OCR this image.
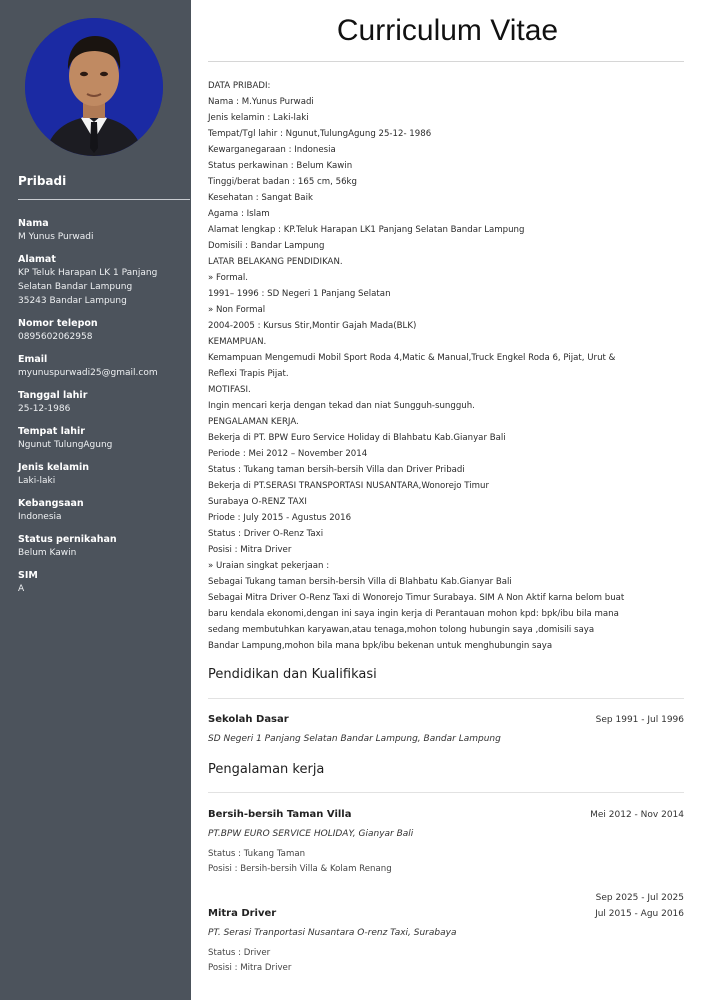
Pribadi
Nama
M Yunus Purwadi
Alamat
KP Teluk Harapan LK 1 Panjang
Selatan Bandar Lampung
35243 Bandar Lampung
Nomor telepon
0895602062958
Email
myunuspurwadi25@gmail.com
Tanggal lahir
25-12-1986
Tempat lahir
Ngunut TulungAgung
Jenis kelamin
Laki-laki
Kebangsaan
Indonesia
Status pernikahan
Belum Kawin
SIM
A
Curriculum Vitae
DATA PRIBADI:
Nama : M.Yunus Purwadi
Jenis kelamin : Laki-laki
Tempat/Tgl lahir : Ngunut,TulungAgung 25-12- 1986
Kewarganegaraan : Indonesia
Status perkawinan : Belum Kawin
Tinggi/berat badan : 165 cm, 56kg
Kesehatan : Sangat Baik
Agama : Islam
Alamat lengkap : KP.Teluk Harapan LK1 Panjang Selatan Bandar Lampung
Domisili : Bandar Lampung
LATAR BELAKANG PENDIDIKAN.
» Formal.
1991– 1996 : SD Negeri 1 Panjang Selatan
» Non Formal
2004-2005 : Kursus Stir,Montir Gajah Mada(BLK)
KEMAMPUAN.
Kemampuan Mengemudi Mobil Sport Roda 4,Matic & Manual,Truck Engkel Roda 6, Pijat, Urut &
Reflexi Trapis Pijat.
MOTIFASI.
Ingin mencari kerja dengan tekad dan niat Sungguh-sungguh.
PENGALAMAN KERJA.
Bekerja di PT. BPW Euro Service Holiday di Blahbatu Kab.Gianyar Bali
Periode : Mei 2012 – November 2014
Status : Tukang taman bersih-bersih Villa dan Driver Pribadi
Bekerja di PT.SERASI TRANSPORTASI NUSANTARA,Wonorejo Timur
Surabaya O-RENZ TAXI
Priode : July 2015 - Agustus 2016
Status : Driver O-Renz Taxi
Posisi : Mitra Driver
» Uraian singkat pekerjaan :
Sebagai Tukang taman bersih-bersih Villa di Blahbatu Kab.Gianyar Bali
Sebagai Mitra Driver O-Renz Taxi di Wonorejo Timur Surabaya. SIM A Non Aktif karna belom buat
baru kendala ekonomi,dengan ini saya ingin kerja di Perantauan mohon kpd: bpk/ibu bila mana
sedang membutuhkan karyawan,atau tenaga,mohon tolong hubungin saya ,domisili saya
Bandar Lampung,mohon bila mana bpk/ibu bekenan untuk menghubungin saya
Pendidikan dan Kualifikasi
Sekolah Dasar	Sep 1991 - Jul 1996
SD Negeri 1 Panjang Selatan Bandar Lampung, Bandar Lampung
Pengalaman kerja
Bersih-bersih Taman Villa	Mei 2012 - Nov 2014
PT.BPW EURO SERVICE HOLIDAY, Gianyar Bali
Status : Tukang Taman
Posisi : Bersih-bersih Villa & Kolam Renang
Sep 2025 - Jul 2025
Jul 2015 - Agu 2016
Mitra Driver
PT. Serasi Tranportasi Nusantara O-renz Taxi, Surabaya
Status : Driver
Posisi : Mitra Driver
